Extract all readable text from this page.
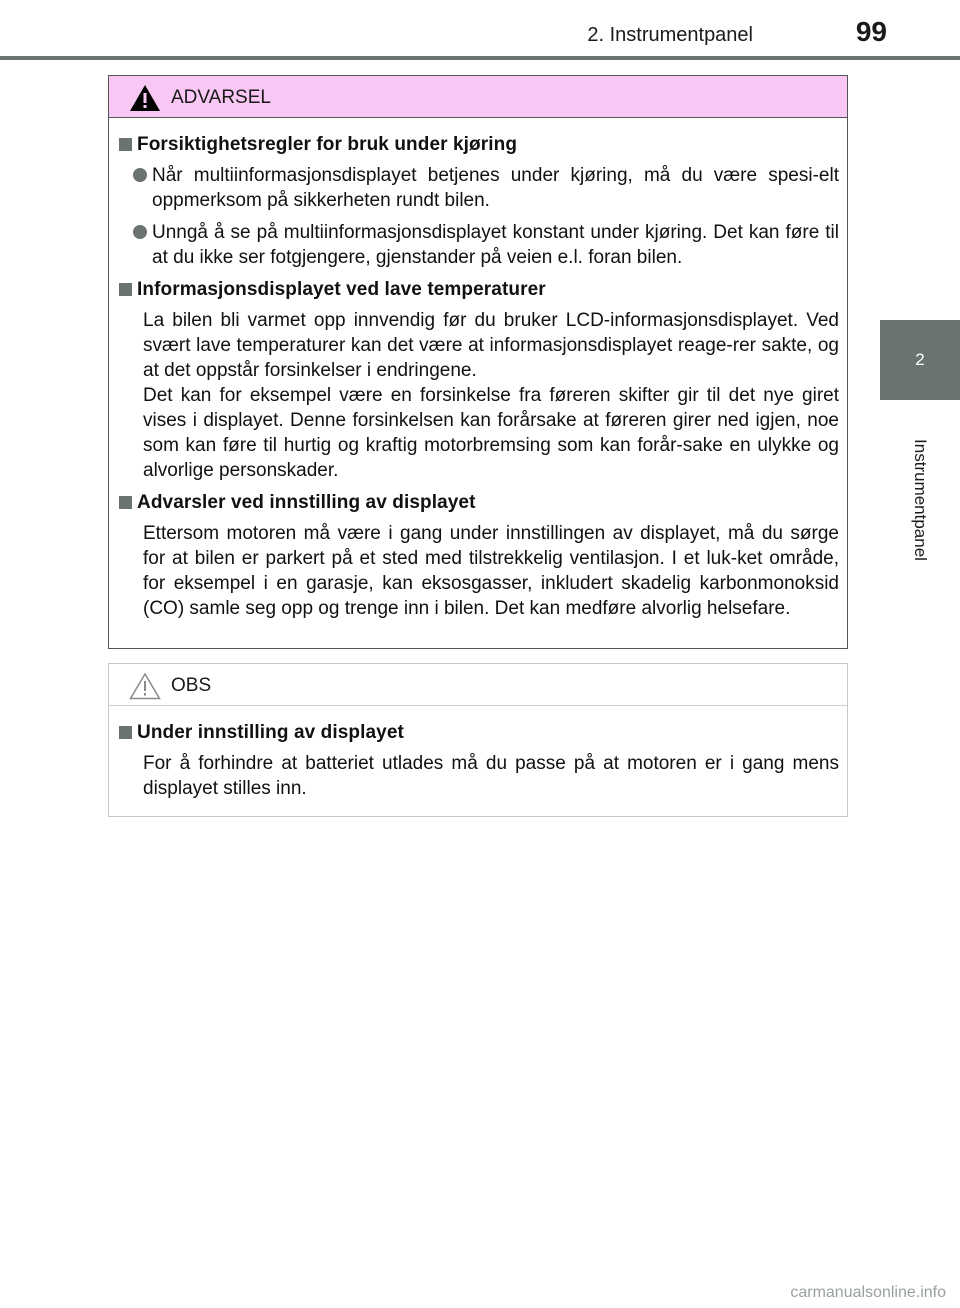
2. Instrumentpanel	99
2
Instrumentpanel
ADVARSEL
Forsiktighetsregler for bruk under kjøring
Når multiinformasjonsdisplayet betjenes under kjøring, må du være spesi-elt oppmerksom på sikkerheten rundt bilen.
Unngå å se på multiinformasjonsdisplayet konstant under kjøring. Det kan føre til at du ikke ser fotgjengere, gjenstander på veien e.l. foran bilen.
Informasjonsdisplayet ved lave temperaturer
La bilen bli varmet opp innvendig før du bruker LCD-informasjonsdisplayet. Ved svært lave temperaturer kan det være at informasjonsdisplayet reage-rer sakte, og at det oppstår forsinkelser i endringene.
Det kan for eksempel være en forsinkelse fra føreren skifter gir til det nye giret vises i displayet. Denne forsinkelsen kan forårsake at føreren girer ned igjen, noe som kan føre til hurtig og kraftig motorbremsing som kan forår-sake en ulykke og alvorlige personskader.
Advarsler ved innstilling av displayet
Ettersom motoren må være i gang under innstillingen av displayet, må du sørge for at bilen er parkert på et sted med tilstrekkelig ventilasjon. I et luk-ket område, for eksempel i en garasje, kan eksosgasser, inkludert skadelig karbonmonoksid (CO) samle seg opp og trenge inn i bilen. Det kan medføre alvorlig helsefare.
OBS
Under innstilling av displayet
For å forhindre at batteriet utlades må du passe på at motoren er i gang mens displayet stilles inn.
carmanualsonline.info
